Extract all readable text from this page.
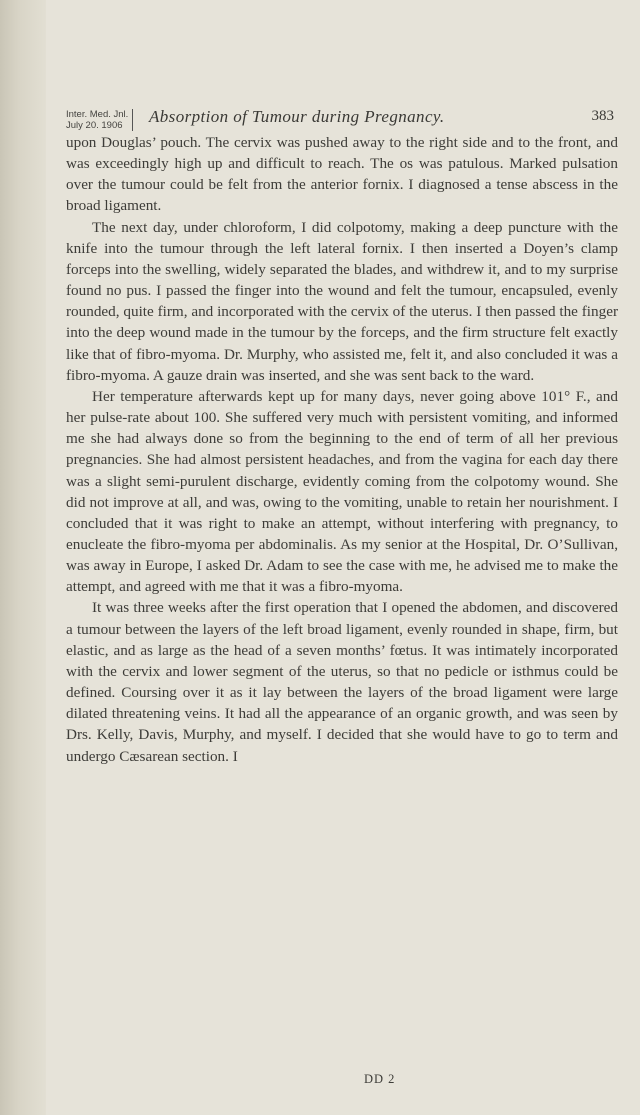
Inter. Med. Jnl.
July 20. 1906	Absorption of Tumour during Pregnancy.	383

upon Douglas’ pouch. The cervix was pushed away to the right side and to the front, and was exceedingly high up and difficult to reach. The os was patulous. Marked pulsation over the tumour could be felt from the anterior fornix. I diagnosed a tense abscess in the broad ligament.

The next day, under chloroform, I did colpotomy, making a deep puncture with the knife into the tumour through the left lateral fornix. I then inserted a Doyen’s clamp forceps into the swelling, widely separated the blades, and withdrew it, and to my surprise found no pus. I passed the finger into the wound and felt the tumour, encapsuled, evenly rounded, quite firm, and incorporated with the cervix of the uterus. I then passed the finger into the deep wound made in the tumour by the forceps, and the firm structure felt exactly like that of fibro-myoma. Dr. Murphy, who assisted me, felt it, and also concluded it was a fibro-myoma. A gauze drain was inserted, and she was sent back to the ward.

Her temperature afterwards kept up for many days, never going above 101° F., and her pulse-rate about 100. She suffered very much with persistent vomiting, and informed me she had always done so from the beginning to the end of term of all her previous pregnancies. She had almost persistent headaches, and from the vagina for each day there was a slight semi-purulent discharge, evidently coming from the colpotomy wound. She did not improve at all, and was, owing to the vomiting, unable to retain her nourishment. I concluded that it was right to make an attempt, without interfering with pregnancy, to enucleate the fibro-myoma per abdominalis. As my senior at the Hospital, Dr. O’Sullivan, was away in Europe, I asked Dr. Adam to see the case with me, he advised me to make the attempt, and agreed with me that it was a fibro-myoma.

It was three weeks after the first operation that I opened the abdomen, and discovered a tumour between the layers of the left broad ligament, evenly rounded in shape, firm, but elastic, and as large as the head of a seven months’ fœtus. It was intimately incorporated with the cervix and lower segment of the uterus, so that no pedicle or isthmus could be defined. Coursing over it as it lay between the layers of the broad ligament were large dilated threatening veins. It had all the appearance of an organic growth, and was seen by Drs. Kelly, Davis, Murphy, and myself. I decided that she would have to go to term and undergo Cæsarean section. I

DD 2
